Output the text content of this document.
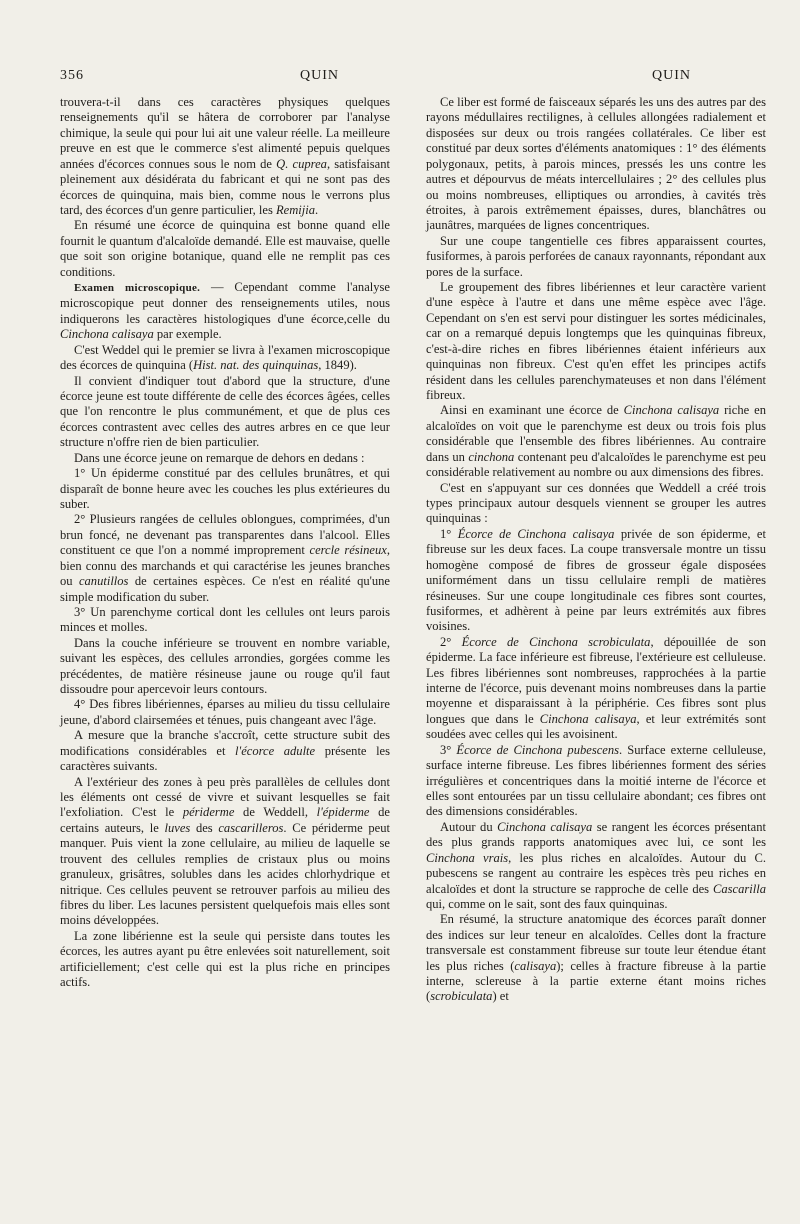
356	QUIN	QUIN

trouvera-t-il dans ces caractères physiques quelques renseignements qu'il se hâtera de corroborer par l'analyse chimique, la seule qui pour lui ait une valeur réelle. La meilleure preuve en est que le commerce s'est alimenté pepuis quelques années d'écorces connues sous le nom de Q. cuprea, satisfaisant pleinement aux désidérata du fabricant et qui ne sont pas des écorces de quinquina, mais bien, comme nous le verrons plus tard, des écorces d'un genre particulier, les Remijia.

En résumé une écorce de quinquina est bonne quand elle fournit le quantum d'alcaloïde demandé. Elle est mauvaise, quelle que soit son origine botanique, quand elle ne remplit pas ces conditions.

Examen microscopique. — Cependant comme l'analyse microscopique peut donner des renseignements utiles, nous indiquerons les caractères histologiques d'une écorce,celle du Cinchona calisaya par exemple.

C'est Weddel qui le premier se livra à l'examen microscopique des écorces de quinquina (Hist. nat. des quinquinas, 1849).

Il convient d'indiquer tout d'abord que la structure, d'une écorce jeune est toute différente de celle des écorces âgées, celles que l'on rencontre le plus communément, et que de plus ces écorces contrastent avec celles des autres arbres en ce que leur structure n'offre rien de bien particulier.

Dans une écorce jeune on remarque de dehors en dedans :

1° Un épiderme constitué par des cellules brunâtres, et qui disparaît de bonne heure avec les couches les plus extérieures du suber.

2° Plusieurs rangées de cellules oblongues, comprimées, d'un brun foncé, ne devenant pas transparentes dans l'alcool. Elles constituent ce que l'on a nommé improprement cercle résineux, bien connu des marchands et qui caractérise les jeunes branches ou canutillos de certaines espèces. Ce n'est en réalité qu'une simple modification du suber.

3° Un parenchyme cortical dont les cellules ont leurs parois minces et molles.

Dans la couche inférieure se trouvent en nombre variable, suivant les espèces, des cellules arrondies, gorgées comme les précédentes, de matière résineuse jaune ou rouge qu'il faut dissoudre pour apercevoir leurs contours.

4° Des fibres libériennes, éparses au milieu du tissu cellulaire jeune, d'abord clairsemées et ténues, puis changeant avec l'âge.

A mesure que la branche s'accroît, cette structure subit des modifications considérables et l'écorce adulte présente les caractères suivants.

A l'extérieur des zones à peu près parallèles de cellules dont les éléments ont cessé de vivre et suivant lesquelles se fait l'exfoliation. C'est le périderme de Weddell, l'épiderme de certains auteurs, le luves des cascarilleros. Ce périderme peut manquer. Puis vient la zone cellulaire, au milieu de laquelle se trouvent des cellules remplies de cristaux plus ou moins granuleux, grisâtres, solubles dans les acides chlorhydrique et nitrique. Ces cellules peuvent se retrouver parfois au milieu des fibres du liber. Les lacunes persistent quelquefois mais elles sont moins développées.

La zone libérienne est la seule qui persiste dans toutes les écorces, les autres ayant pu être enlevées soit naturellement, soit artificiellement; c'est celle qui est la plus riche en principes actifs.

Ce liber est formé de faisceaux séparés les uns des autres par des rayons médullaires rectilignes, à cellules allongées radialement et disposées sur deux ou trois rangées collatérales. Ce liber est constitué par deux sortes d'éléments anatomiques : 1° des éléments polygonaux, petits, à parois minces, pressés les uns contre les autres et dépourvus de méats intercellulaires ; 2° des cellules plus ou moins nombreuses, elliptiques ou arrondies, à cavités très étroites, à parois extrêmement épaisses, dures, blanchâtres ou jaunâtres, marquées de lignes concentriques.

Sur une coupe tangentielle ces fibres apparaissent courtes, fusiformes, à parois perforées de canaux rayonnants, répondant aux pores de la surface.

Le groupement des fibres libériennes et leur caractère varient d'une espèce à l'autre et dans une même espèce avec l'âge. Cependant on s'en est servi pour distinguer les sortes médicinales, car on a remarqué depuis longtemps que les quinquinas fibreux, c'est-à-dire riches en fibres libériennes étaient inférieurs aux quinquinas non fibreux. C'est qu'en effet les principes actifs résident dans les cellules parenchymateuses et non dans l'élément fibreux.

Ainsi en examinant une écorce de Cinchona calisaya riche en alcaloïdes on voit que le parenchyme est deux ou trois fois plus considérable que l'ensemble des fibres libériennes. Au contraire dans un cinchona contenant peu d'alcaloïdes le parenchyme est peu considérable relativement au nombre ou aux dimensions des fibres.

C'est en s'appuyant sur ces données que Weddell a créé trois types principaux autour desquels viennent se grouper les autres quinquinas :

1° Écorce de Cinchona calisaya privée de son épiderme, et fibreuse sur les deux faces. La coupe transversale montre un tissu homogène composé de fibres de grosseur égale disposées uniformément dans un tissu cellulaire rempli de matières résineuses. Sur une coupe longitudinale ces fibres sont courtes, fusiformes, et adhèrent à peine par leurs extrémités aux fibres voisines.

2° Écorce de Cinchona scrobiculata, dépouillée de son épiderme. La face inférieure est fibreuse, l'extérieure est celluleuse. Les fibres libériennes sont nombreuses, rapprochées à la partie interne de l'écorce, puis devenant moins nombreuses dans la partie moyenne et disparaissant à la périphérie. Ces fibres sont plus longues que dans le Cinchona calisaya, et leur extrémités sont soudées avec celles qui les avoisinent.

3° Écorce de Cinchona pubescens. Surface externe celluleuse, surface interne fibreuse. Les fibres libériennes forment des séries irrégulières et concentriques dans la moitié interne de l'écorce et elles sont entourées par un tissu cellulaire abondant; ces fibres ont des dimensions considérables.

Autour du Cinchona calisaya se rangent les écorces présentant des plus grands rapports anatomiques avec lui, ce sont les Cinchona vrais, les plus riches en alcaloïdes. Autour du C. pubescens se rangent au contraire les espèces très peu riches en alcaloïdes et dont la structure se rapproche de celle des Cascarilla qui, comme on le sait, sont des faux quinquinas.

En résumé, la structure anatomique des écorces paraît donner des indices sur leur teneur en alcaloïdes. Celles dont la fracture transversale est constamment fibreuse sur toute leur étendue étant les plus riches (calisaya); celles à fracture fibreuse à la partie interne, sclereuse à la partie externe étant moins riches (scrobiculata) et
